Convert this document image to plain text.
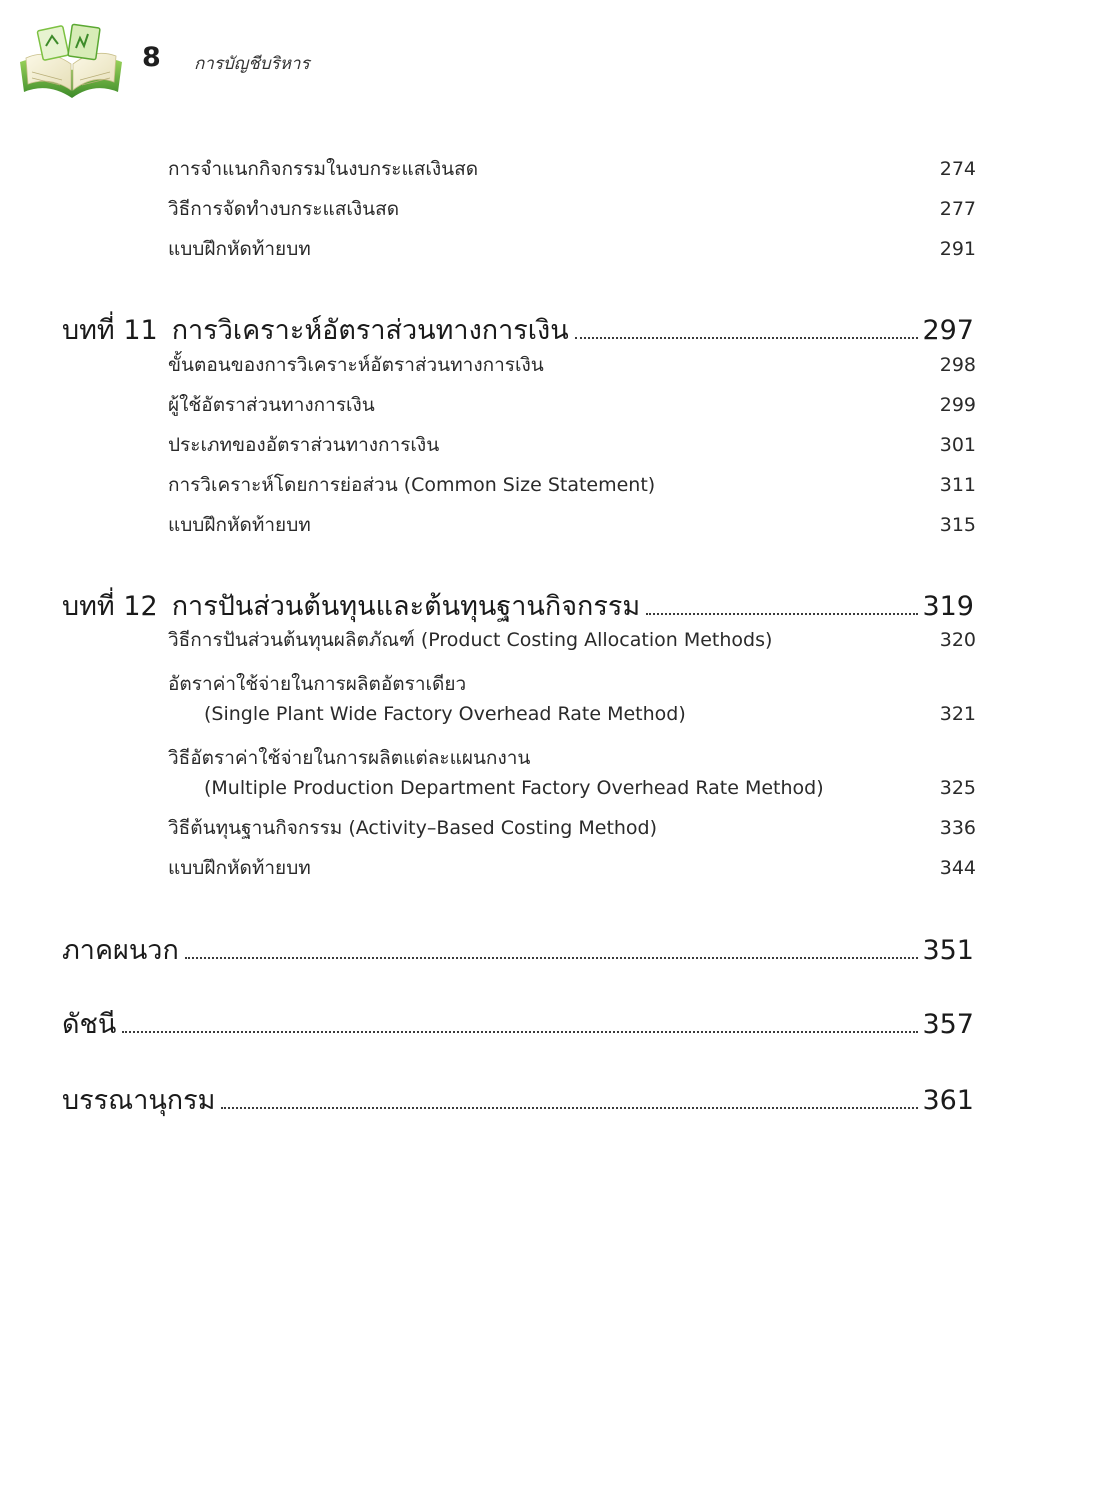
8 การบัญชีบริหาร
การจำแนกกิจกรรมในงบกระแสเงินสด	274
วิธีการจัดทำงบกระแสเงินสด	277
แบบฝึกหัดท้ายบท	291
บทที่ 11 การวิเคราะห์อัตราส่วนทางการเงิน	297
ขั้นตอนของการวิเคราะห์อัตราส่วนทางการเงิน	298
ผู้ใช้อัตราส่วนทางการเงิน	299
ประเภทของอัตราส่วนทางการเงิน	301
การวิเคราะห์โดยการย่อส่วน (Common Size Statement)	311
แบบฝึกหัดท้ายบท	315
บทที่ 12 การปันส่วนต้นทุนและต้นทุนฐานกิจกรรม	319
วิธีการปันส่วนต้นทุนผลิตภัณฑ์ (Product Costing Allocation Methods)	320
อัตราค่าใช้จ่ายในการผลิตอัตราเดียว
(Single Plant Wide Factory Overhead Rate Method)	321
วิธีอัตราค่าใช้จ่ายในการผลิตแต่ละแผนกงาน
(Multiple Production Department Factory Overhead Rate Method)	325
วิธีต้นทุนฐานกิจกรรม (Activity–Based Costing Method)	336
แบบฝึกหัดท้ายบท	344
ภาคผนวก	351
ดัชนี	357
บรรณานุกรม	361
